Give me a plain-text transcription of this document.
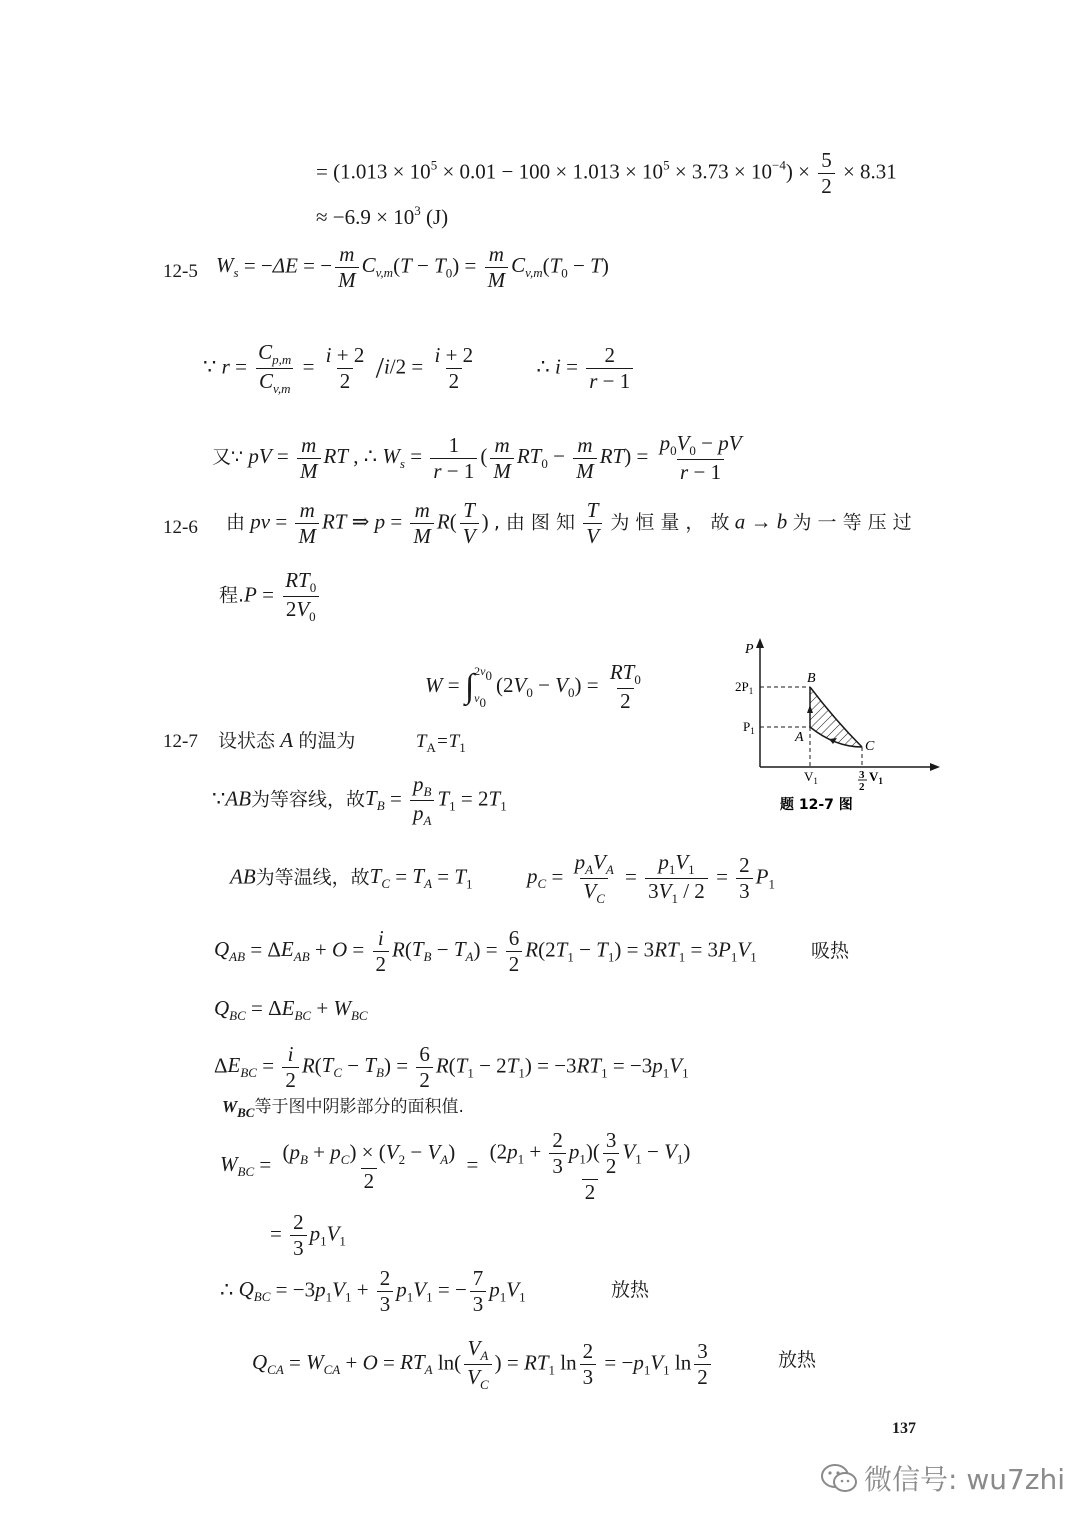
= $(1.013 \times 10^5 \times 0.01 - 100 \times 1.013 \times 10^5 \times 3.73 \times 10^{-4}) \times \frac{5}{2} \times 8.31$
≈ $-6.9 \times 10^3$ (J)
12-5 $W_s = -\Delta E$ = − $\frac{m}{M} C_{v,m}(T - T_0) = \frac{m}{M} C_{v,m}(T_0 - T)$
∵ $r = \frac{C_{p,m}}{C_{v,m}} = \frac{i + 2}{2} /i/2 = \frac{i + 2}{2}$	∴ $i = \frac{2}{r - 1}$
又∵ pV = $\frac{m}{M}$ RT , ∴ $W_s = \frac{1}{r - 1}$ ( $\frac{m}{M} RT_0 - \frac{m}{M} RT) = \frac{p_0V_0 - pV}{r - 1}$
12-6 由 pv = $\frac{m}{M}$ RT ⇒ $p = \frac{m}{M} R( \frac{T}{V}$ ) , 由 图 知 $\frac{T}{V}$ 为 恒 量 ， 故 a → b 为 一 等 压 过
程$.P = \frac{RT_0}{2V_0}$
W = ∫ $2v_0$
$v_0$
$(2V_0 - V_0) = \frac{RT_0}{2}$
P
B
A
C
$2P_1$
$P_1$
$V_1$	3
2
$V_1$
题 12-7 图
12-7 设状态 A 的温为	$T_A=T_1$
∵AB为等容线，故$T_B = \frac{p_B}{p_A} T_1 = 2T_1$
AB为等温线，故$T_C = T_A = T_1$	$p_C = \frac{p_AV_A}{V_C} = \frac{p_1V_1}{3V_1 / 2} = \frac{2}{3} P_1$
$Q_{AB} = \Delta E_{AB} + O = \frac{i}{2} R(T_B - T_A) = \frac{6}{2} R(2T_1 - T_1) = 3RT_1 = 3P_1V_1$	吸热
$Q_{BC} = \Delta E_{BC} + W_{BC}$
$\Delta E_{BC} = \frac{i}{2} R(T_C - T_B) = \frac{6}{2} R(T_1 - 2T_1) = -3RT_1 = -3p_1V_1$
$W_{BC}$等于图中阴影部分的面积值.
$W_{BC} = \frac{(p_B + p_C) \times (V_2 - V_A)}{2} = \frac{(2p_1 + \frac{2}{3} p_1)( \frac{3}{2} V_1 - V_1)}{2}$
= $\frac{2}{3} p_1V_1$
∴ $Q_{BC} = -3p_1V_1 + \frac{2}{3} p_1V_1$ = − $\frac{7}{3} p_1V_1$	放热
$Q_{CA} = W_{CA} + O = RT_A$ $\ln( \frac{V_A}{V_C}$ ) = $RT_1$ $\ln \frac{2}{3} = -p_1V_1$ $\ln \frac{3}{2}$	放热
137
微信号: wu7zhi
